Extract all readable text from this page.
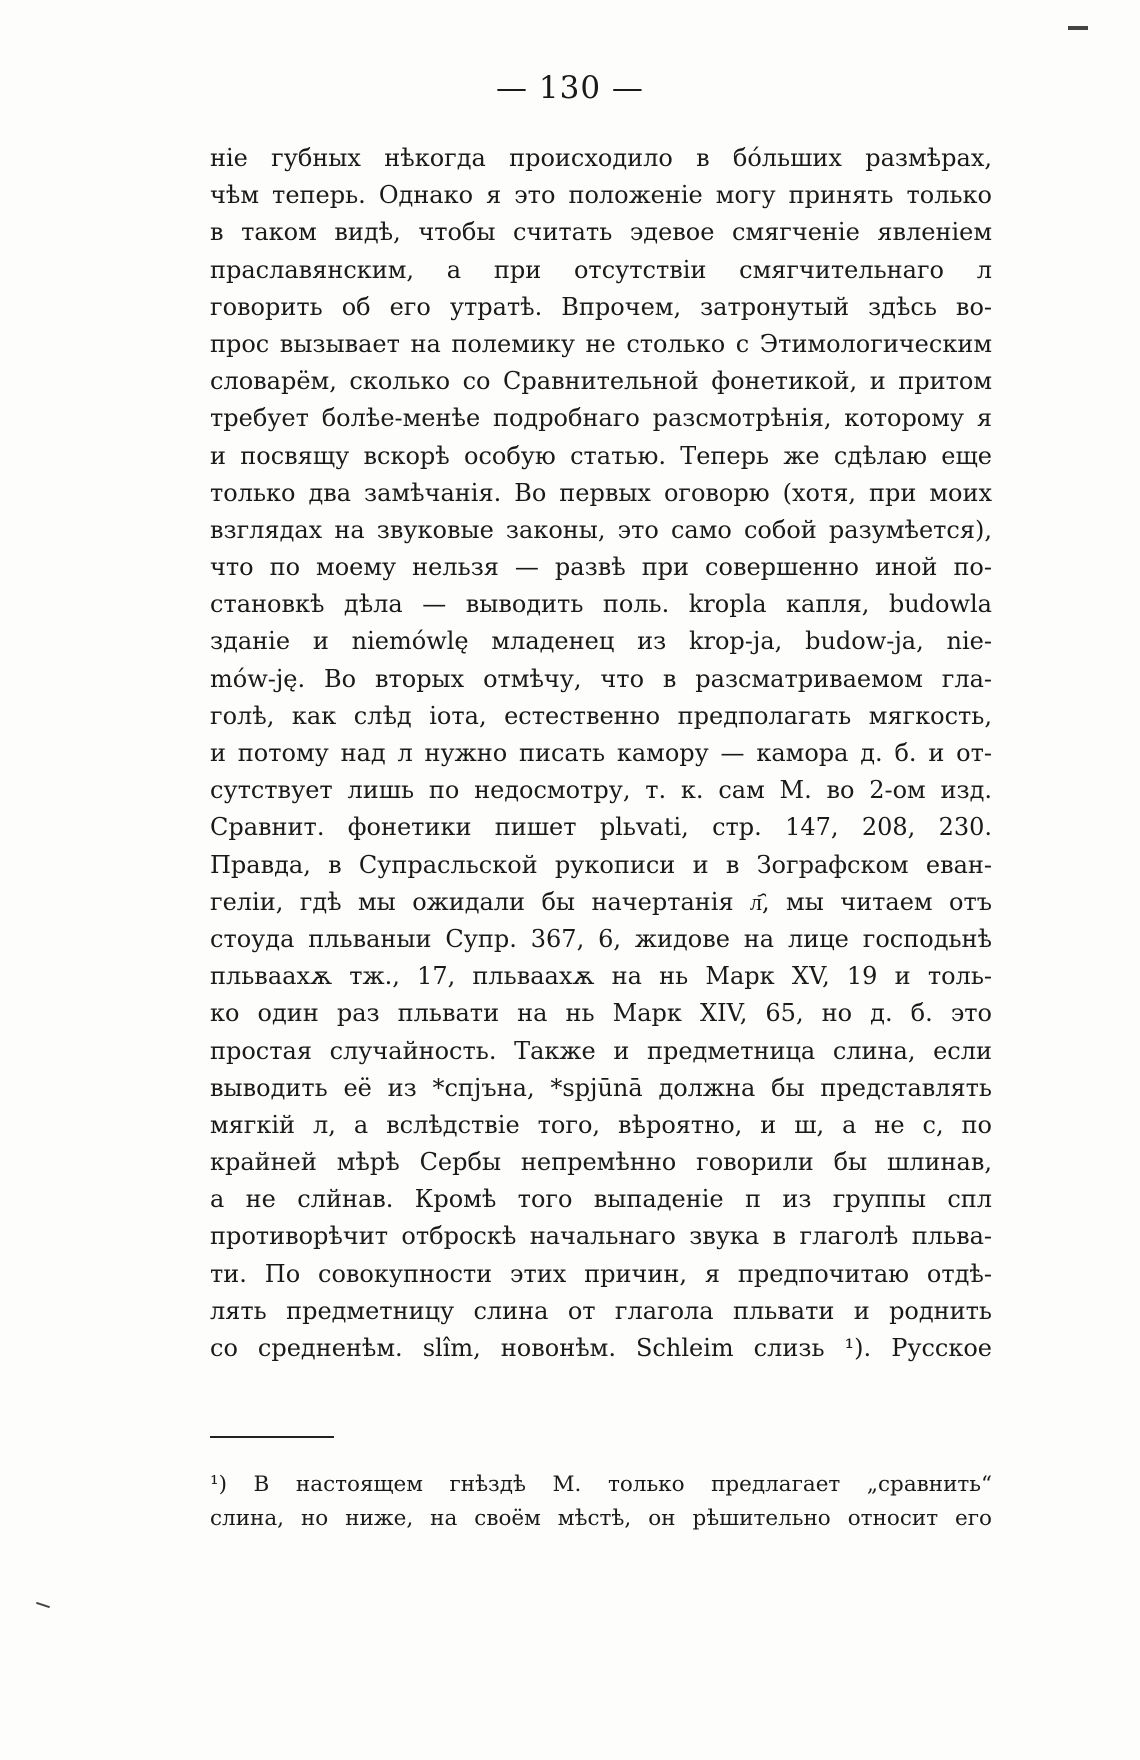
— 130 —
ніе губных нѣкогда происходило в бо́льших размѣрах,
чѣм теперь. Однако я это положеніе могу принять только
в таком видѣ, чтобы считать эдевое смягченіе явленіем
праславянским, а при отсутствіи смягчительнаго л
говорить об его утратѣ. Впрочем, затронутый здѣсь во-
прос вызывает на полемику не столько с Этимологическим
словарём, сколько со Сравнительной фонетикой, и притом
требует болѣе-менѣе подробнаго разсмотрѣнія, которому я
и посвящу вскорѣ особую статью. Теперь же сдѣлаю еще
только два замѣчанія. Во первых оговорю (хотя, при моих
взглядах на звуковые законы, это само собой разумѣется),
что по моему нельзя — развѣ при совершенно иной по-
становкѣ дѣла — выводить поль. kropla капля, budowla
зданіе и niemówlę младенец из krop-ja, budow-ja, nie-
mów-ję. Во вторых отмѣчу, что в разсматриваемом гла-
голѣ, как слѣд іота, естественно предполагать мягкость,
и потому над л нужно писать камору — камора д. б. и от-
сутствует лишь по недосмотру, т. к. сам М. во 2-ом изд.
Сравнит. фонетики пишет plьvati, стр. 147, 208, 230.
Правда, в Супрасльской рукописи и в Зографском еван-
геліи, гдѣ мы ожидали бы начертанія л҄, мы читаем отъ
стоуда пльваныи Супр. 367, 6, жидове на лице господьнѣ
пльваахѫ тж., 17, пльваахѫ на нь Марк XV, 19 и толь-
ко один раз пльвати на нь Марк XIV, 65, но д. б. это
простая случайность. Также и предметница слина, если
выводить её из *спјъна, *spjūnā должна бы представлять
мягкій л, а вслѣдствіе того, вѣроятно, и ш, а не с, по
крайней мѣрѣ Сербы непремѣнно говорили бы шлинав,
а не слйнав. Кромѣ того выпаденіе п из группы спл
противорѣчит отброскѣ начальнаго звука в глаголѣ пльва-
ти. По совокупности этих причин, я предпочитаю отдѣ-
лять предметницу слина от глагола пльвати и роднить
со средненѣм. slîm, новонѣм. Schleim слизь ¹). Русское
¹) В настоящем гнѣздѣ М. только предлагает „сравнить“
слина, но ниже, на своём мѣстѣ, он рѣшительно относит его
